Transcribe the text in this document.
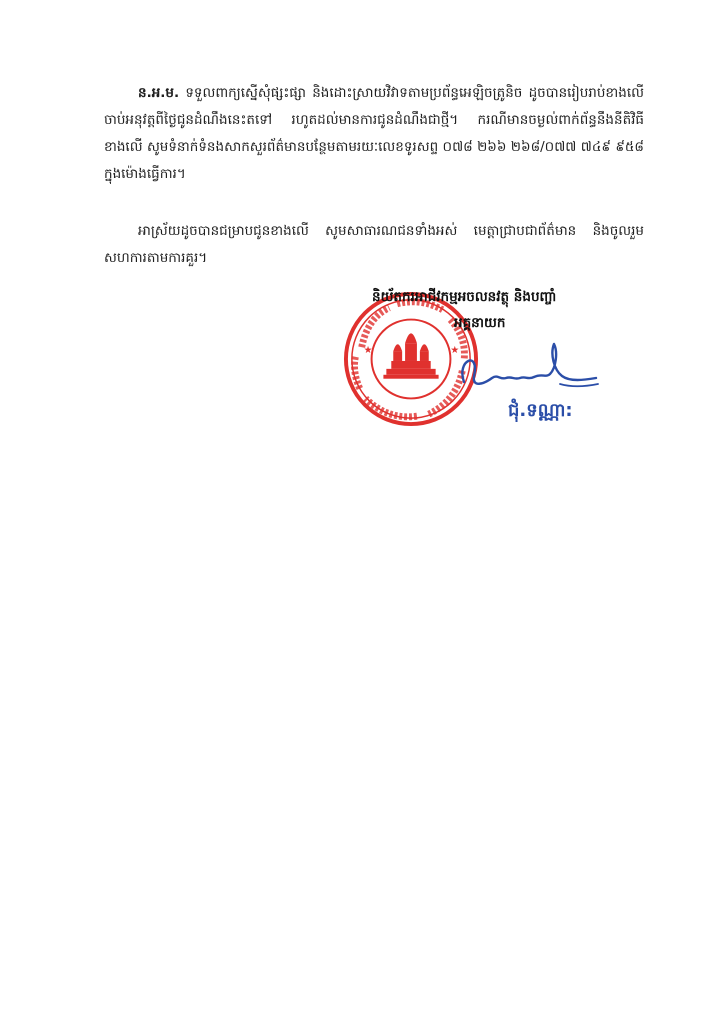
ន.អ.ម. ទទួលពាក្យស្នើសុំផ្សះផ្សា និងដោះស្រាយវិវាទតាមប្រព័ន្ធអេឡិចត្រូនិច ដូចបានរៀបរាប់ខាងលើចាប់អនុវត្តពីថ្ងៃជូនដំណឹងនេះតទៅ រហូតដល់មានការជូនដំណឹងជាថ្មី។ ករណីមានចម្ងល់ពាក់ព័ន្ធនឹងនីតិវិធីខាងលើ សូមទំនាក់ទំនងសាកសួរព័ត៌មានបន្ថែមតាមរយៈលេខទូរសព្ទ ០៧៨ ២៦៦ ២៦៨/០៧៧ ៧៤៩ ៩៥៨ ក្នុងម៉ោងធ្វើការ។

អាស្រ័យដូចបានជម្រាបជូនខាងលើ សូមសាធារណជនទាំងអស់ មេត្តាជ្រាបជាព័ត៌មាន និងចូលរួមសហការតាមការគួរ។

★	★
និយ័តករអាជីវកម្មអចលនវត្ថុ និងបញ្ចាំ
អគ្គនាយក
ជុំ.ទណ្ណា:
